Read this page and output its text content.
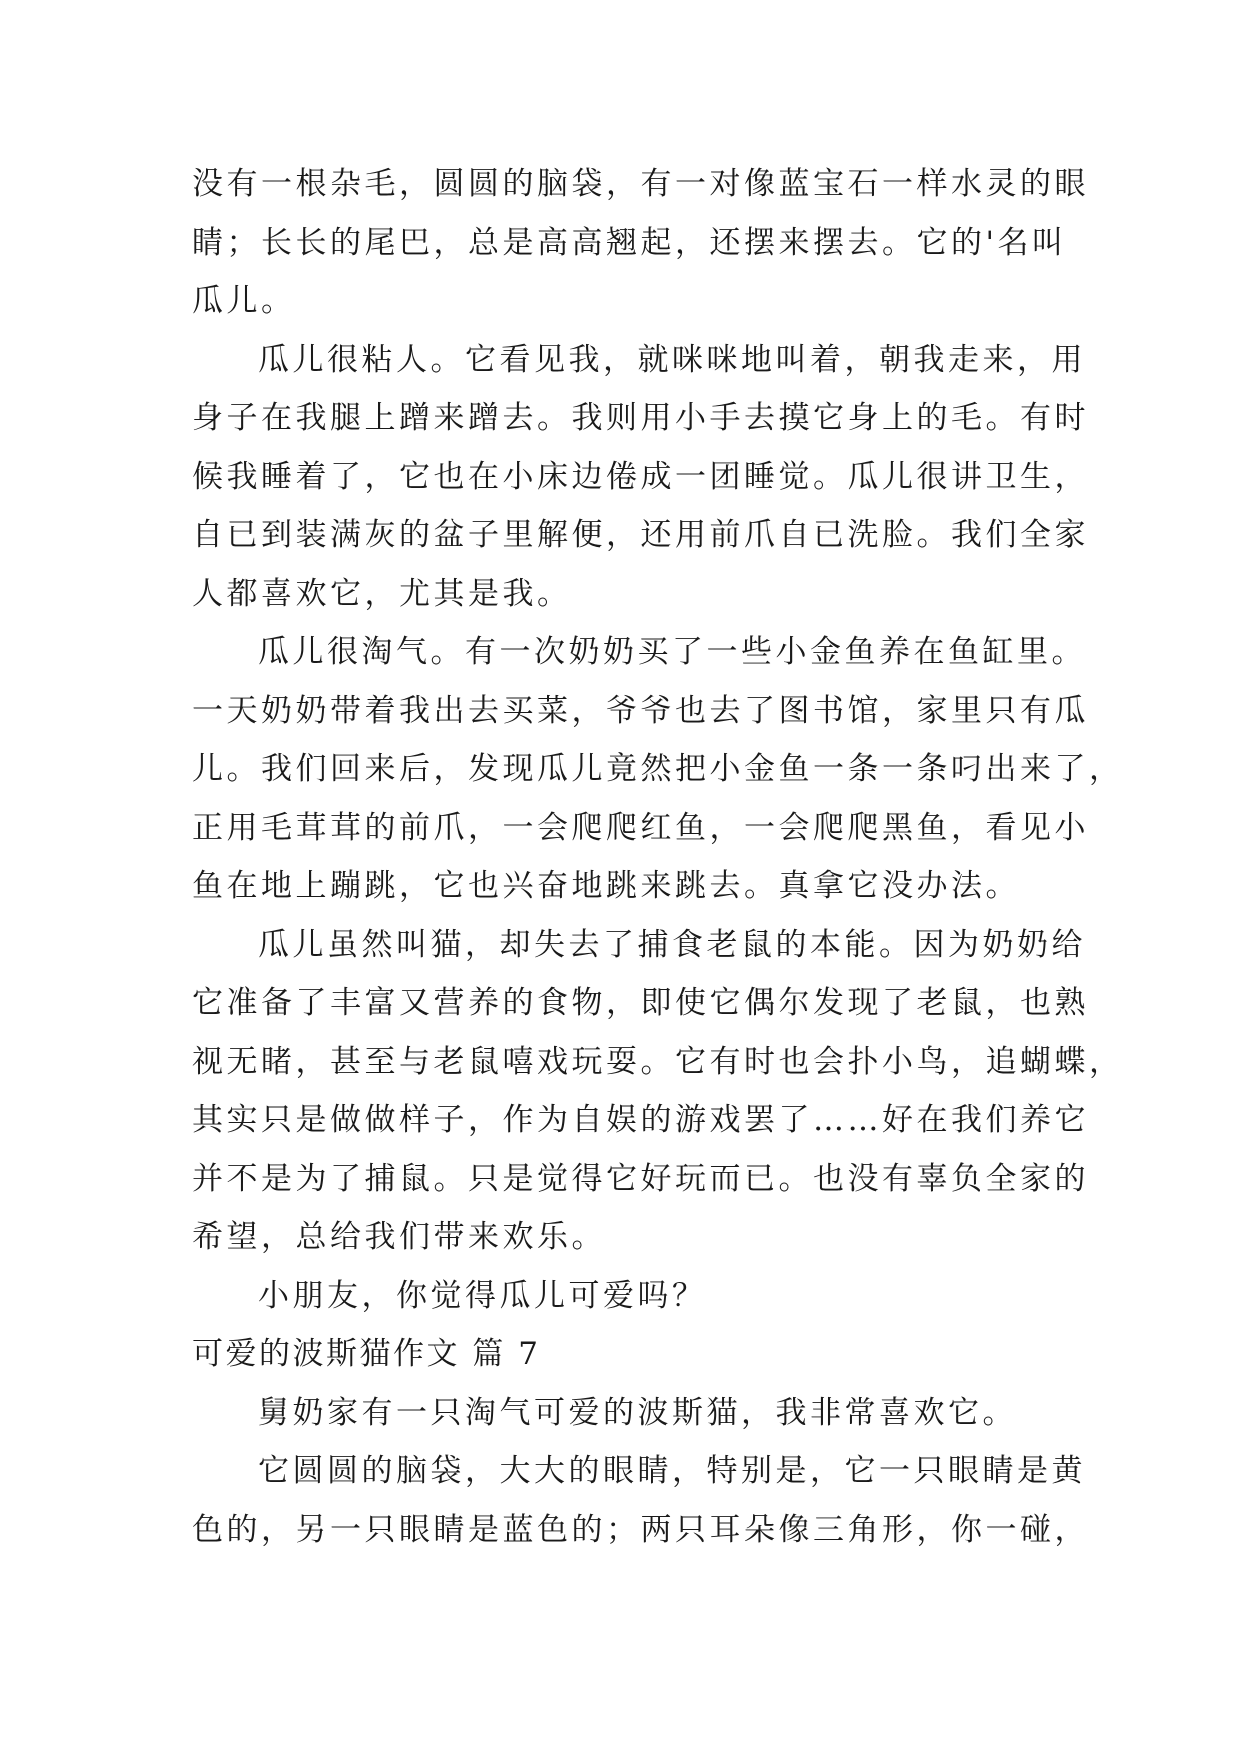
没有一根杂毛，圆圆的脑袋，有一对像蓝宝石一样水灵的眼
睛；长长的尾巴，总是高高翘起，还摆来摆去。它的'名叫
瓜儿。
瓜儿很粘人。它看见我，就咪咪地叫着，朝我走来，用
身子在我腿上蹭来蹭去。我则用小手去摸它身上的毛。有时
候我睡着了，它也在小床边倦成一团睡觉。瓜儿很讲卫生，
自已到装满灰的盆子里解便，还用前爪自已洗脸。我们全家
人都喜欢它，尤其是我。
瓜儿很淘气。有一次奶奶买了一些小金鱼养在鱼缸里。
一天奶奶带着我出去买菜，爷爷也去了图书馆，家里只有瓜
儿。我们回来后，发现瓜儿竟然把小金鱼一条一条叼出来了，
正用毛茸茸的前爪，一会爬爬红鱼，一会爬爬黑鱼，看见小
鱼在地上蹦跳，它也兴奋地跳来跳去。真拿它没办法。
瓜儿虽然叫猫，却失去了捕食老鼠的本能。因为奶奶给
它准备了丰富又营养的食物，即使它偶尔发现了老鼠，也熟
视无睹，甚至与老鼠嘻戏玩耍。它有时也会扑小鸟，追蝴蝶，
其实只是做做样子，作为自娱的游戏罢了……好在我们养它
并不是为了捕鼠。只是觉得它好玩而已。也没有辜负全家的
希望，总给我们带来欢乐。
小朋友，你觉得瓜儿可爱吗？
可爱的波斯猫作文 篇 7
舅奶家有一只淘气可爱的波斯猫，我非常喜欢它。
它圆圆的脑袋，大大的眼睛，特别是，它一只眼睛是黄
色的，另一只眼睛是蓝色的；两只耳朵像三角形，你一碰，
